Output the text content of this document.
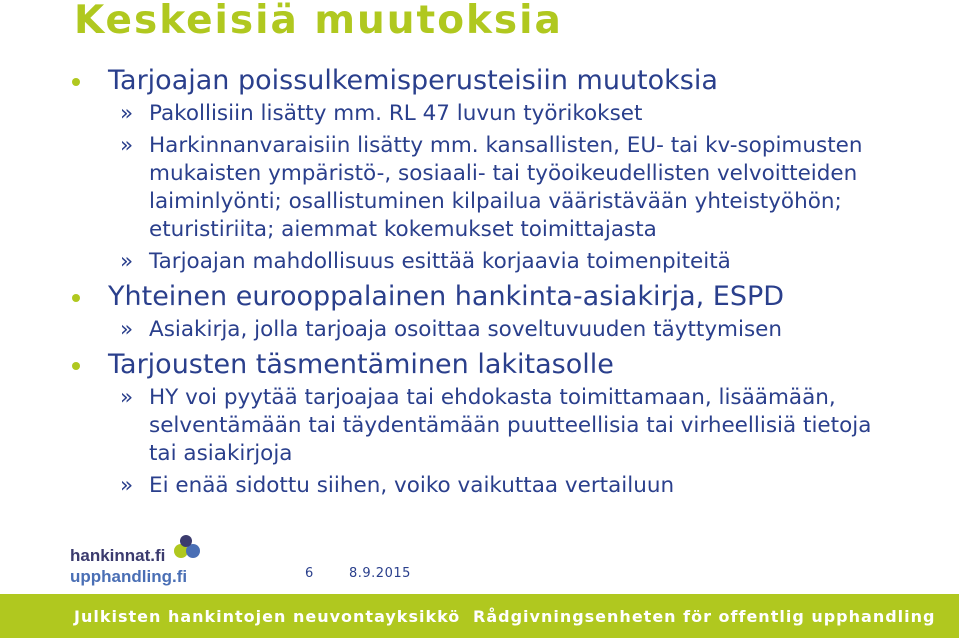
Keskeisiä muutoksia
Tarjoajan poissulkemisperusteisiin muutoksia
» Pakollisiin lisätty mm. RL 47 luvun työrikokset
» Harkinnanvaraisiin lisätty mm. kansallisten, EU- tai kv-sopimusten mukaisten ympäristö-, sosiaali- tai työoikeudellisten velvoitteiden laiminlyönti; osallistuminen kilpailua vääristävään yhteistyöhön; eturistiriita; aiemmat kokemukset toimittajasta
» Tarjoajan mahdollisuus esittää korjaavia toimenpiteitä
Yhteinen eurooppalainen hankinta-asiakirja, ESPD
» Asiakirja, jolla tarjoaja osoittaa soveltuvuuden täyttymisen
Tarjousten täsmentäminen lakitasolle
» HY voi pyytää tarjoajaa tai ehdokasta toimittamaan, lisäämään, selventämään tai täydentämään puutteellisia tai virheellisiä tietoja tai asiakirjoja
» Ei enää sidottu siihen, voiko vaikuttaa vertailuun
hankinnat.fi
upphandling.fi	6	8.9.2015
Julkisten hankintojen neuvontayksikkö Rådgivningsenheten för offentlig upphandling
